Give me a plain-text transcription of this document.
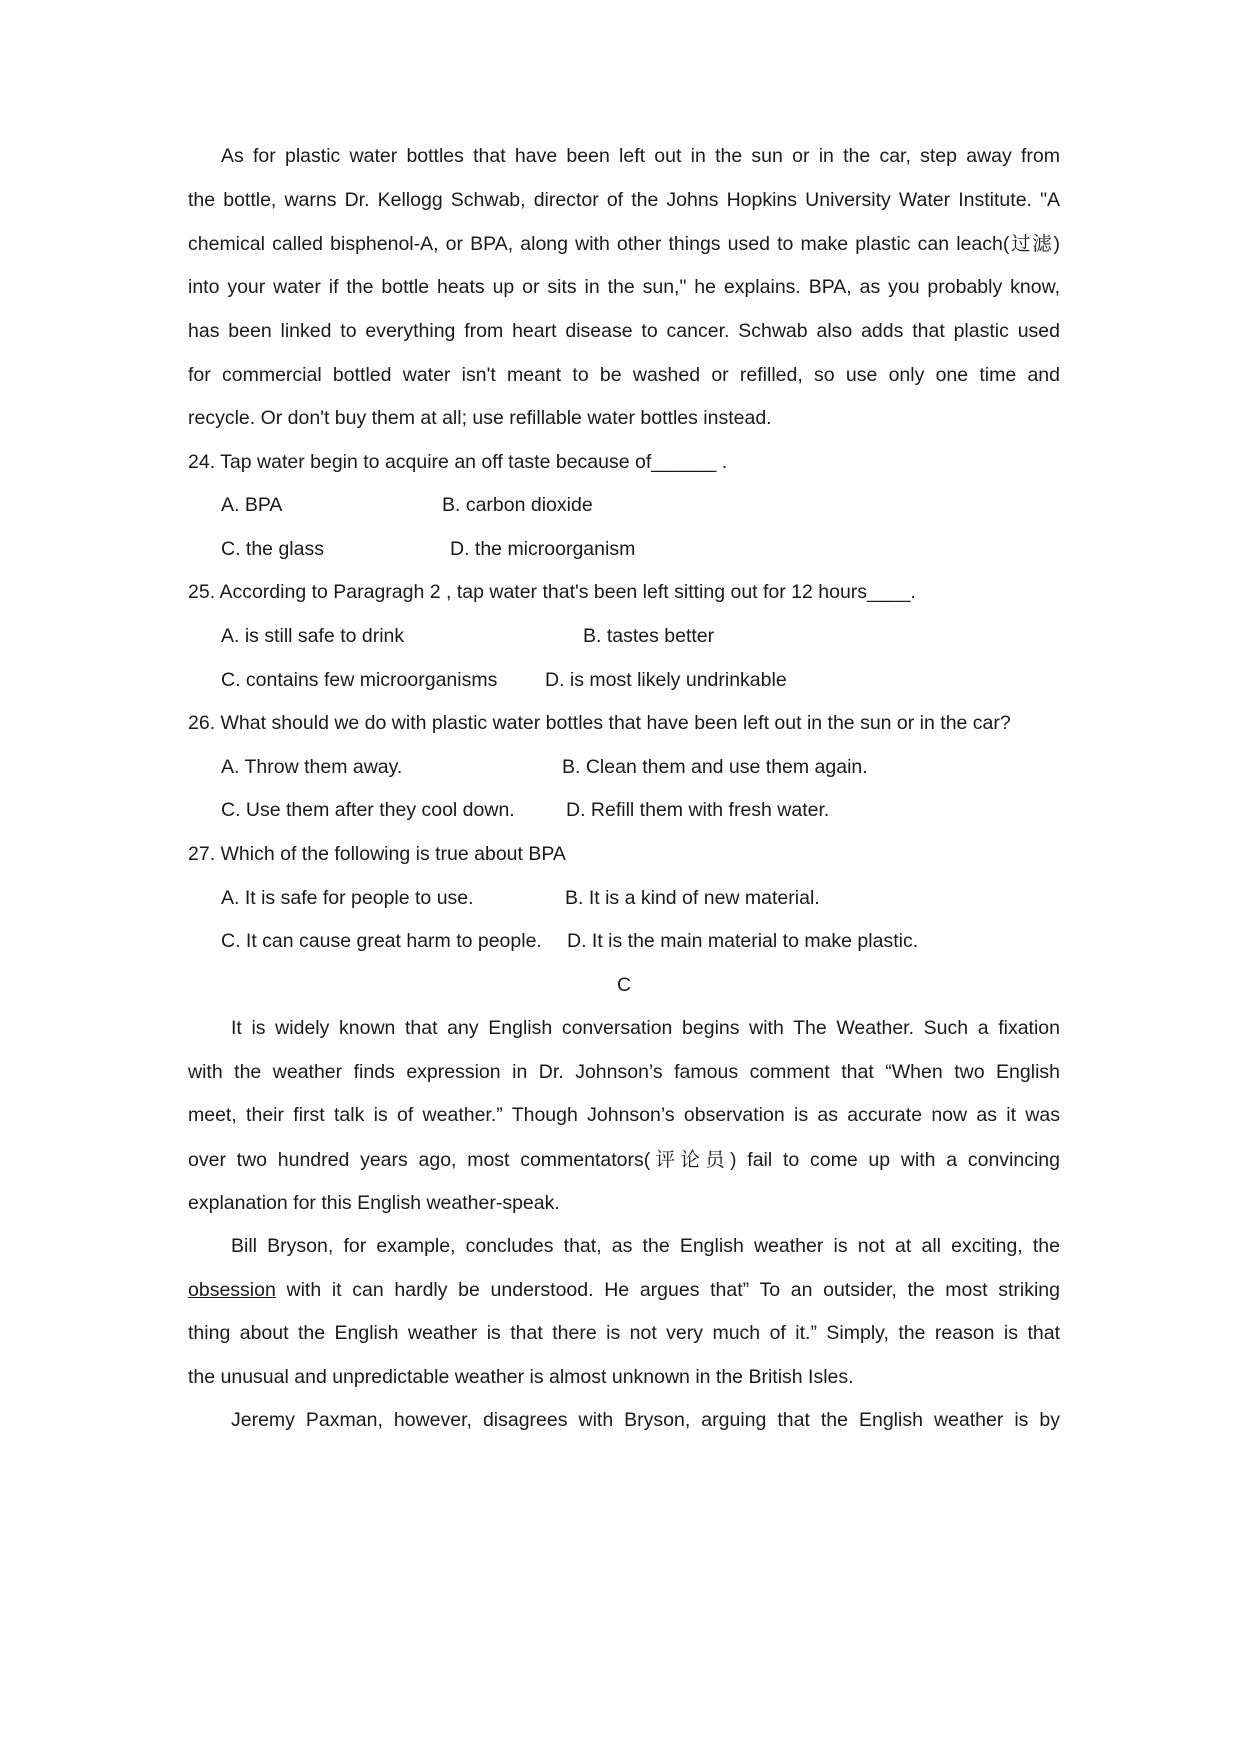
As for plastic water bottles that have been left out in the sun or in the car, step away from
the bottle, warns Dr. Kellogg Schwab, director of the Johns Hopkins University Water Institute. "A
chemical called bisphenol-A, or BPA, along with other things used to make plastic can leach(过滤)
into your water if the bottle heats up or sits in the sun," he explains. BPA, as you probably know,
has been linked to everything from heart disease to cancer. Schwab also adds that plastic used
for commercial bottled water isn't meant to be washed or refilled, so use only one time and
recycle. Or don't buy them at all; use refillable water bottles instead.
24. Tap water begin to acquire an off taste because of______ .
A. BPA	B. carbon dioxide
C. the glass	D. the microorganism
25. According to Paragragh 2 , tap water that's been left sitting out for 12 hours____.
A. is still safe to drink	B. tastes better
C. contains few microorganisms D. is most likely undrinkable
26. What should we do with plastic water bottles that have been left out in the sun or in the car?
A. Throw them away.	B. Clean them and use them again.
C. Use them after they cool down.	D. Refill them with fresh water.
27. Which of the following is true about BPA
A. It is safe for people to use.	B. It is a kind of new material.
C. It can cause great harm to people. D. It is the main material to make plastic.
C
It is widely known that any English conversation begins with The Weather. Such a fixation
with the weather finds expression in Dr. Johnson’s famous comment that “When two English
meet, their first talk is of weather.” Though Johnson’s observation is as accurate now as it was
over two hundred years ago, most commentators(评论员) fail to come up with a convincing
explanation for this English weather-speak.
Bill Bryson, for example, concludes that, as the English weather is not at all exciting, the
obsession with it can hardly be understood. He argues that” To an outsider, the most striking
thing about the English weather is that there is not very much of it.” Simply, the reason is that
the unusual and unpredictable weather is almost unknown in the British Isles.
Jeremy Paxman, however, disagrees with Bryson, arguing that the English weather is by
